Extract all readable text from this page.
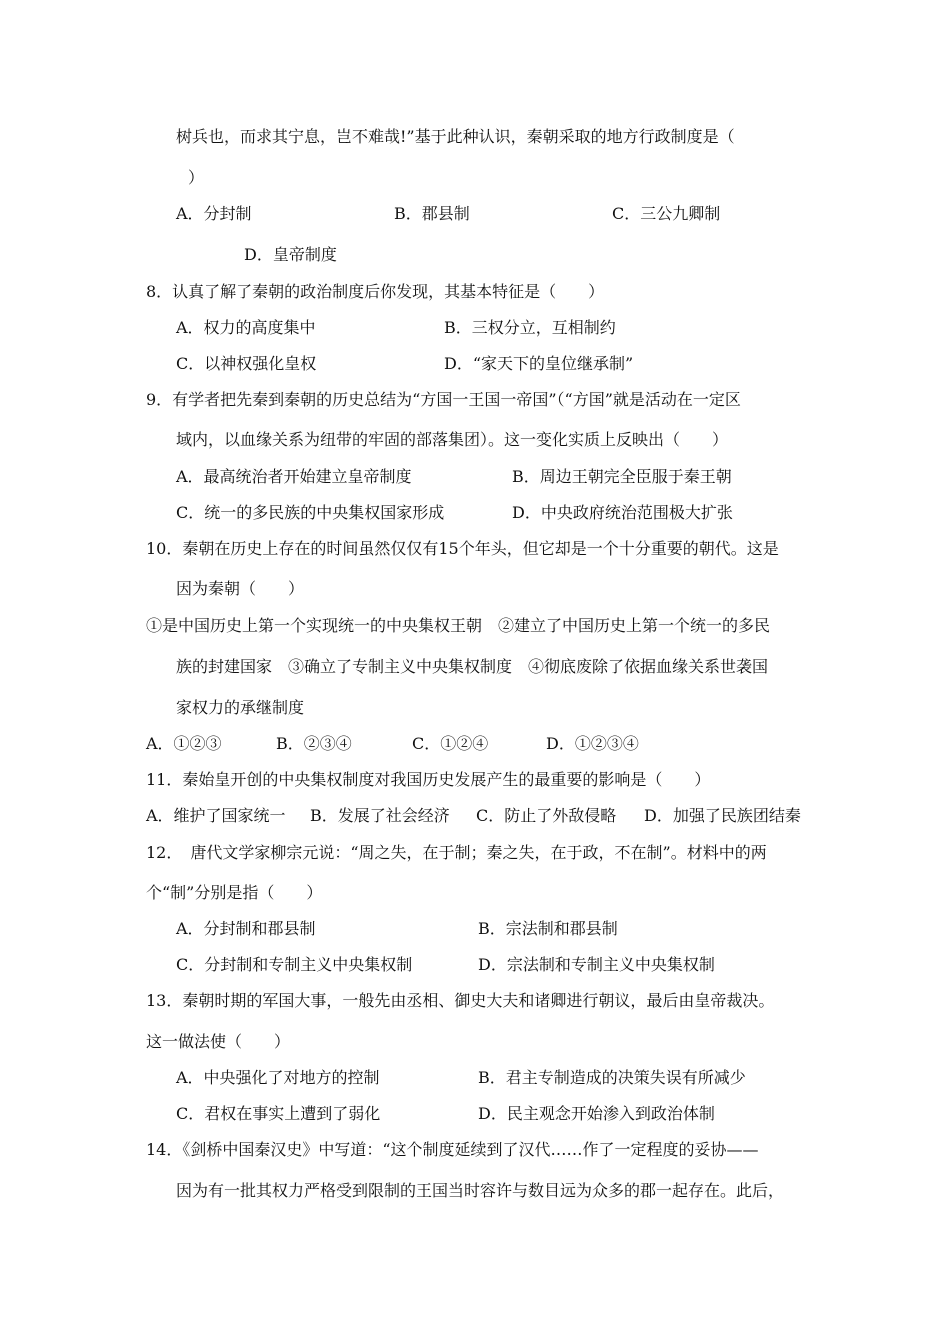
树兵也，而求其宁息，岂不难哉!”基于此种认识，秦朝采取的地方行政制度是（
）
A．分封制	B．郡县制	C．三公九卿制
D．皇帝制度
8．认真了解了秦朝的政治制度后你发现，其基本特征是（　　）
A．权力的高度集中	B．三权分立，互相制约
C．以神权强化皇权	D．“家天下的皇位继承制”
9．有学者把先秦到秦朝的历史总结为“方国一王国一帝国”（“方国”就是活动在一定区
域内，以血缘关系为纽带的牢固的部落集团）。这一变化实质上反映出（　　）
A．最高统治者开始建立皇帝制度	B．周边王朝完全臣服于秦王朝
C．统一的多民族的中央集权国家形成	D．中央政府统治范围极大扩张
10．秦朝在历史上存在的时间虽然仅仅有15个年头，但它却是一个十分重要的朝代。这是
因为秦朝（　　）
①是中国历史上第一个实现统一的中央集权王朝　②建立了中国历史上第一个统一的多民
族的封建国家　③确立了专制主义中央集权制度　④彻底废除了依据血缘关系世袭国
家权力的承继制度
A．①②③	B．②③④	C．①②④	D．①②③④
11．秦始皇开创的中央集权制度对我国历史发展产生的最重要的影响是（　　）
A．维护了国家统一 B．发展了社会经济 C．防止了外敌侵略 D．加强了民族团结秦
12．　唐代文学家柳宗元说：“周之失，在于制；秦之失，在于政，不在制”。材料中的两
个“制”分别是指（　　）
A．分封制和郡县制	B．宗法制和郡县制
C．分封制和专制主义中央集权制	D．宗法制和专制主义中央集权制
13．秦朝时期的军国大事，一般先由丞相、御史大夫和诸卿进行朝议，最后由皇帝裁决。
这一做法使（　　）
A．中央强化了对地方的控制	B．君主专制造成的决策失误有所减少
C．君权在事实上遭到了弱化	D．民主观念开始渗入到政治体制
14．《剑桥中国秦汉史》中写道：“这个制度延续到了汉代……作了一定程度的妥协——
因为有一批其权力严格受到限制的王国当时容许与数目远为众多的郡一起存在。此后，
